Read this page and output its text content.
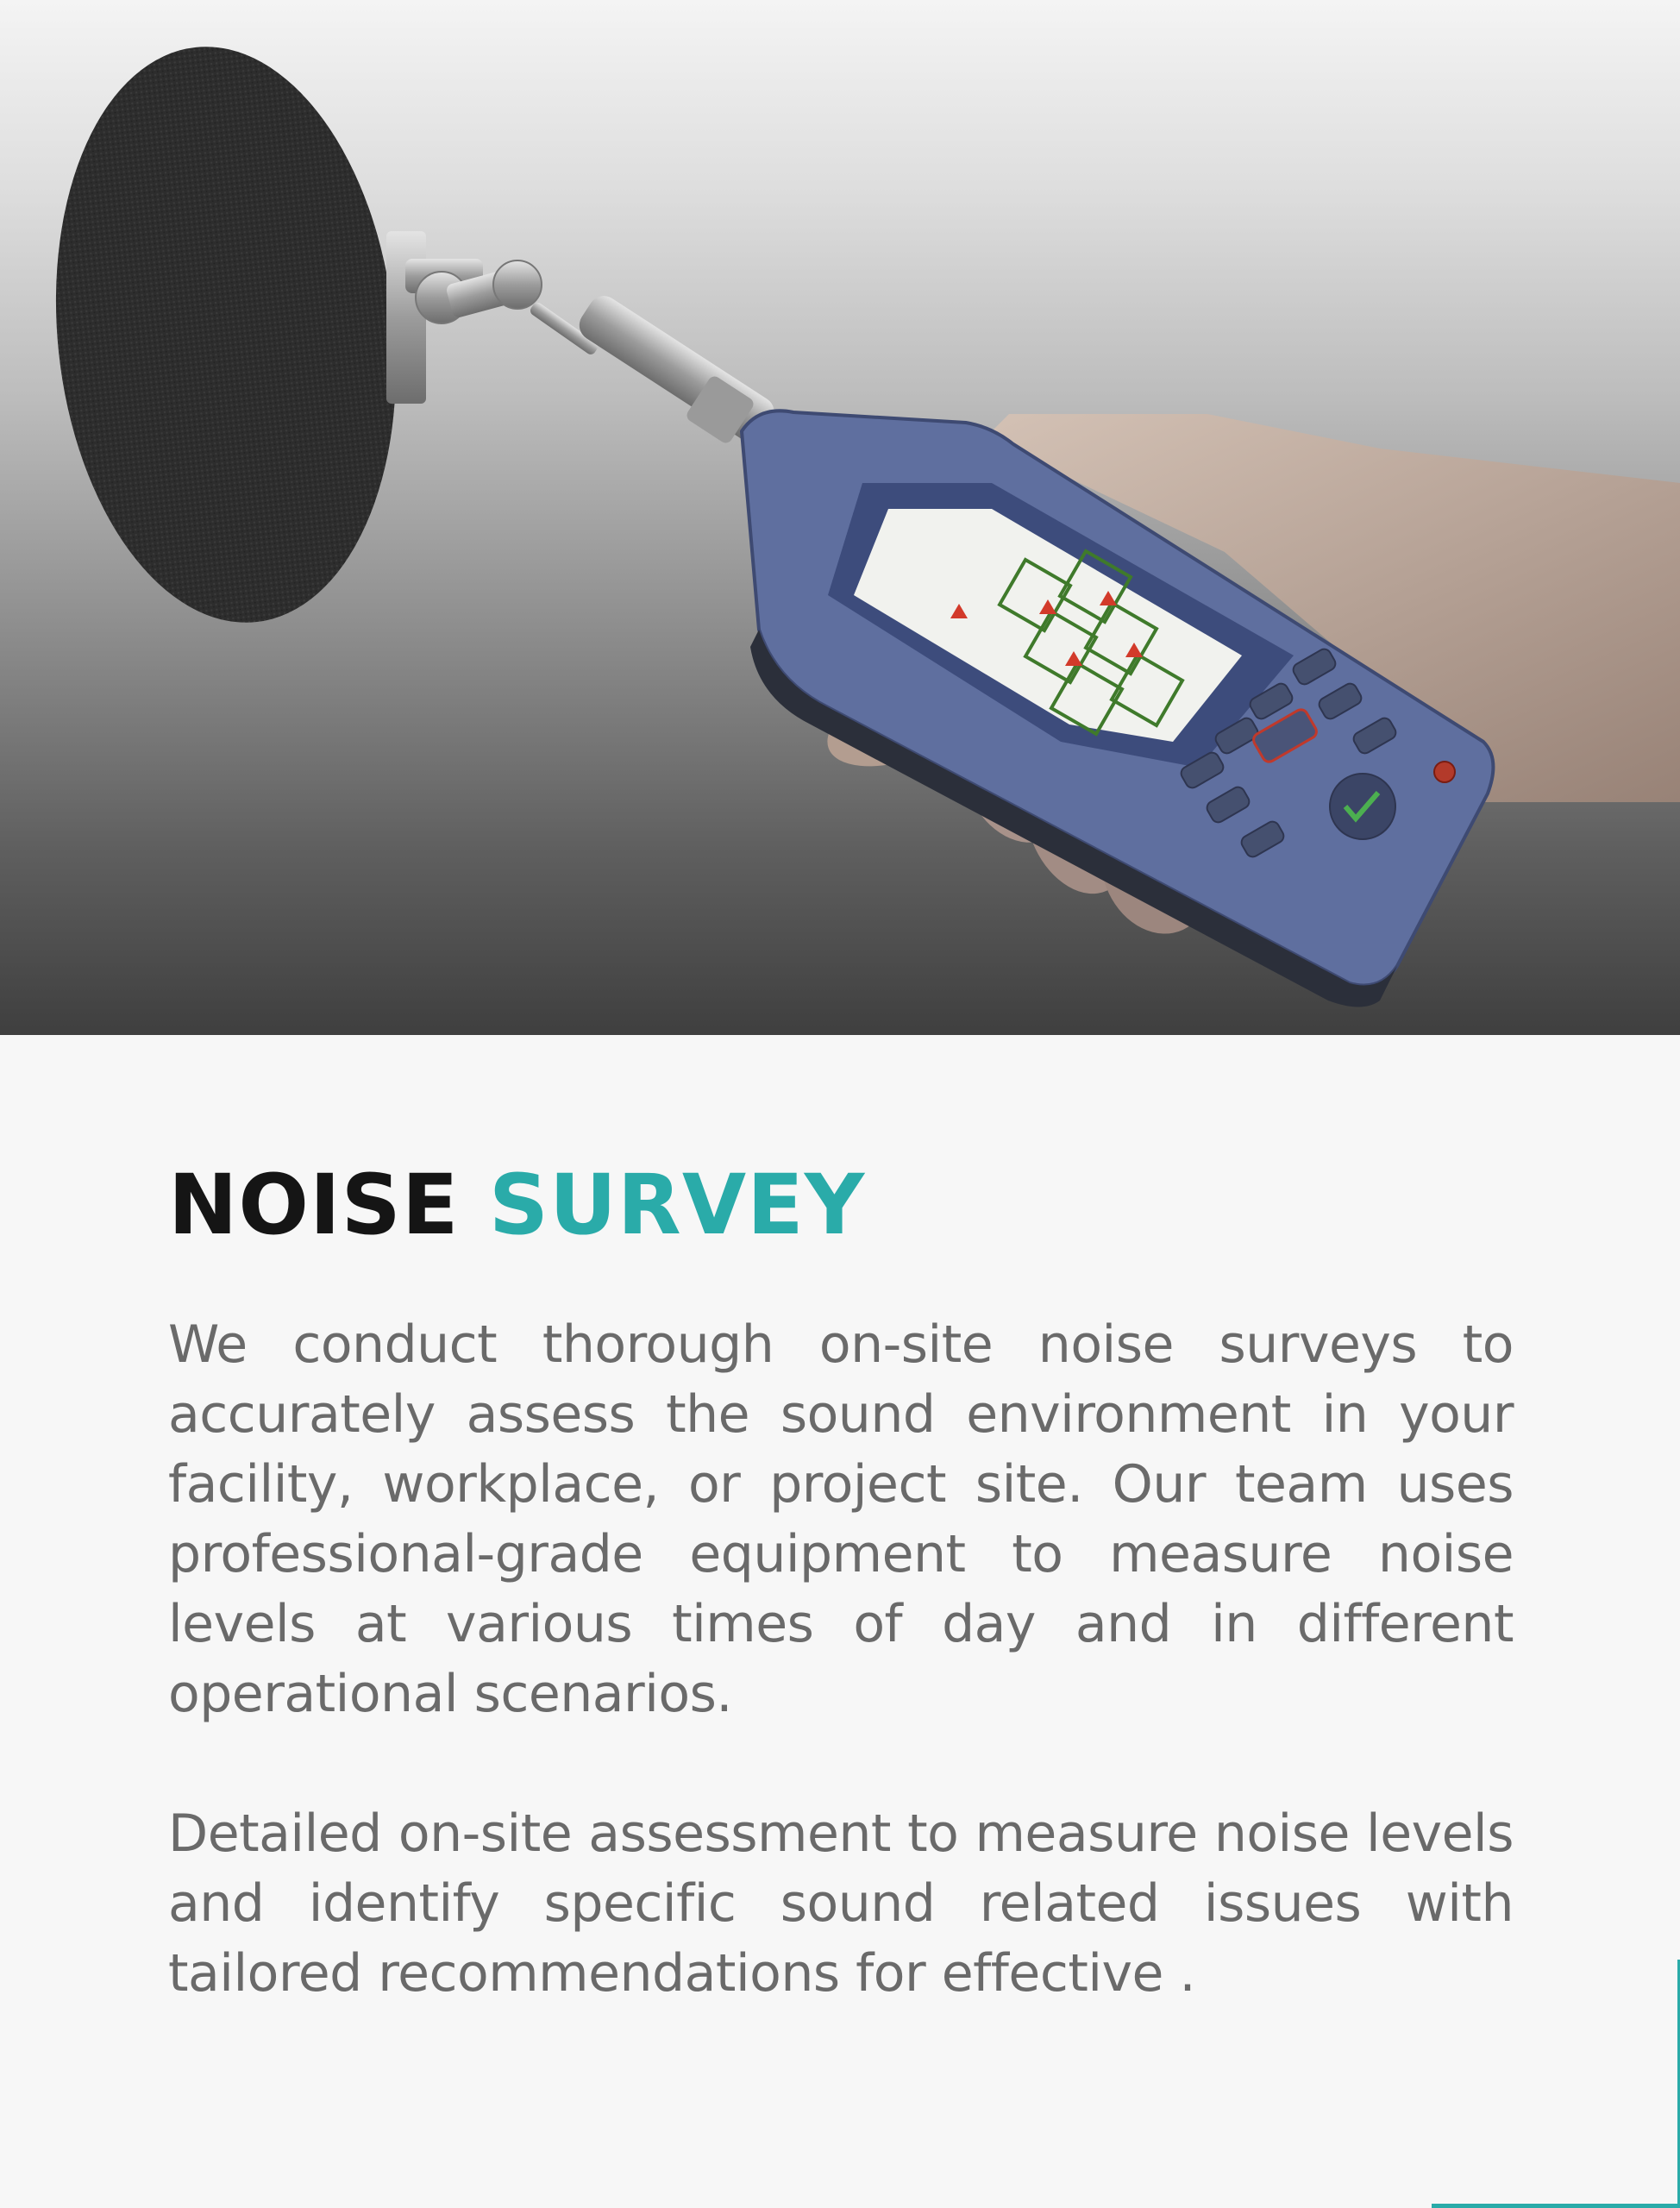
NOISE SURVEY

We conduct thorough on-site noise surveys to accurately assess the sound environment in your facility, workplace, or project site. Our team uses professional-grade equipment to measure noise levels at various times of day and in different operational scenarios.

Detailed on-site assessment to measure noise levels and identify specific sound related issues with tailored recommendations for effective .
